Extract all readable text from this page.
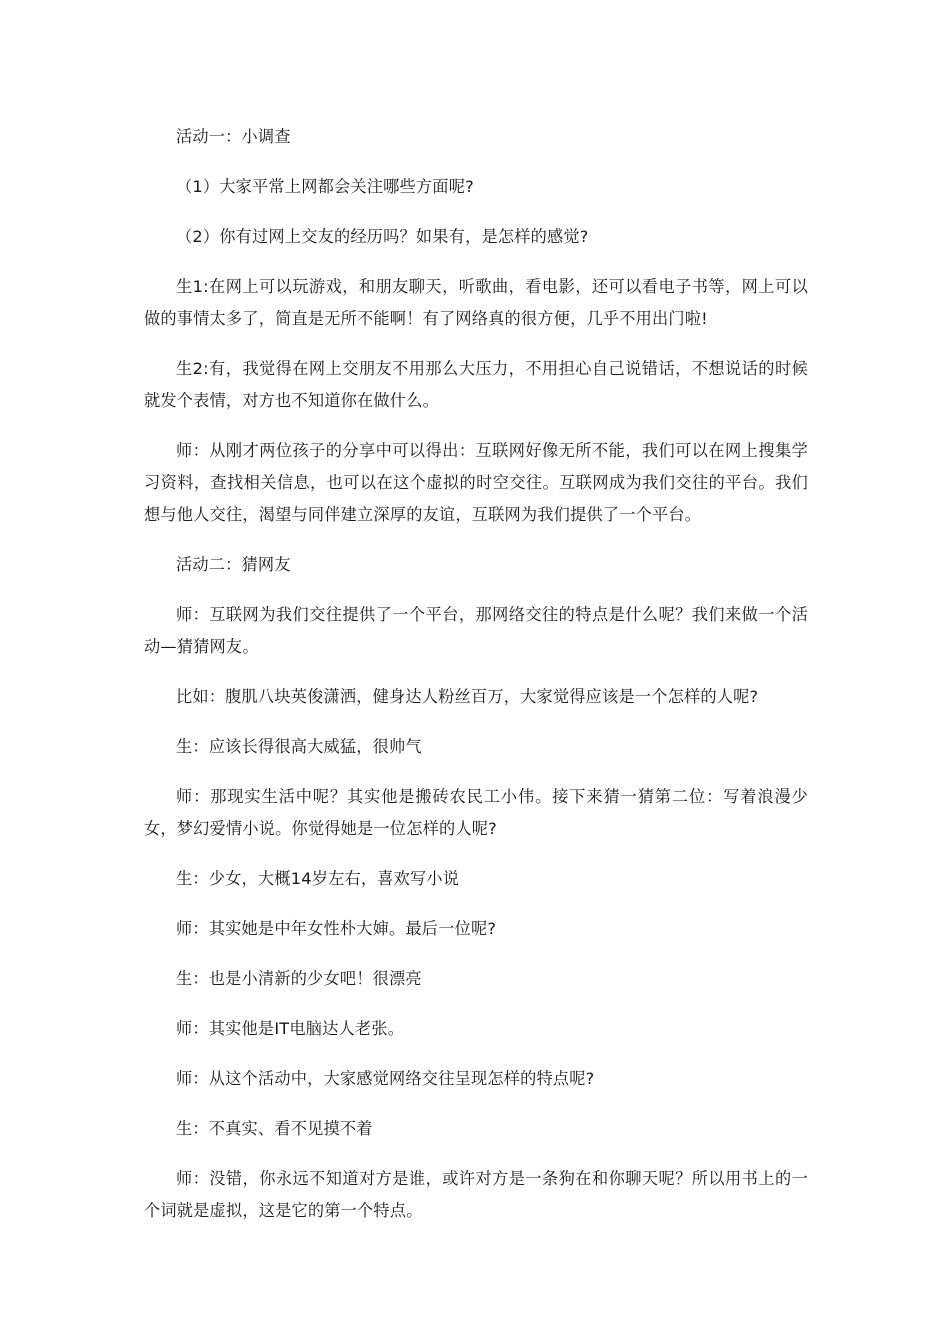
活动一：小调查

（1）大家平常上网都会关注哪些方面呢?

（2）你有过网上交友的经历吗？如果有，是怎样的感觉?

生1:在网上可以玩游戏，和朋友聊天，听歌曲，看电影，还可以看电子书等，网上可以做的事情太多了，简直是无所不能啊！有了网络真的很方便，几乎不用出门啦!

生2:有，我觉得在网上交朋友不用那么大压力，不用担心自己说错话，不想说话的时候就发个表情，对方也不知道你在做什么。

师：从刚才两位孩子的分享中可以得出：互联网好像无所不能，我们可以在网上搜集学习资料，查找相关信息，也可以在这个虚拟的时空交往。互联网成为我们交往的平台。我们想与他人交往，渴望与同伴建立深厚的友谊，互联网为我们提供了一个平台。

活动二：猜网友

师：互联网为我们交往提供了一个平台，那网络交往的特点是什么呢？我们来做一个活动—猜猜网友。

比如：腹肌八块英俊潇洒，健身达人粉丝百万，大家觉得应该是一个怎样的人呢?

生：应该长得很高大威猛，很帅气

师：那现实生活中呢？其实他是搬砖农民工小伟。接下来猜一猜第二位：写着浪漫少女，梦幻爱情小说。你觉得她是一位怎样的人呢?

生：少女，大概14岁左右，喜欢写小说

师：其实她是中年女性朴大婶。最后一位呢?

生：也是小清新的少女吧！很漂亮

师：其实他是IT电脑达人老张。

师：从这个活动中，大家感觉网络交往呈现怎样的特点呢?

生：不真实、看不见摸不着

师：没错，你永远不知道对方是谁，或许对方是一条狗在和你聊天呢？所以用书上的一个词就是虚拟，这是它的第一个特点。
